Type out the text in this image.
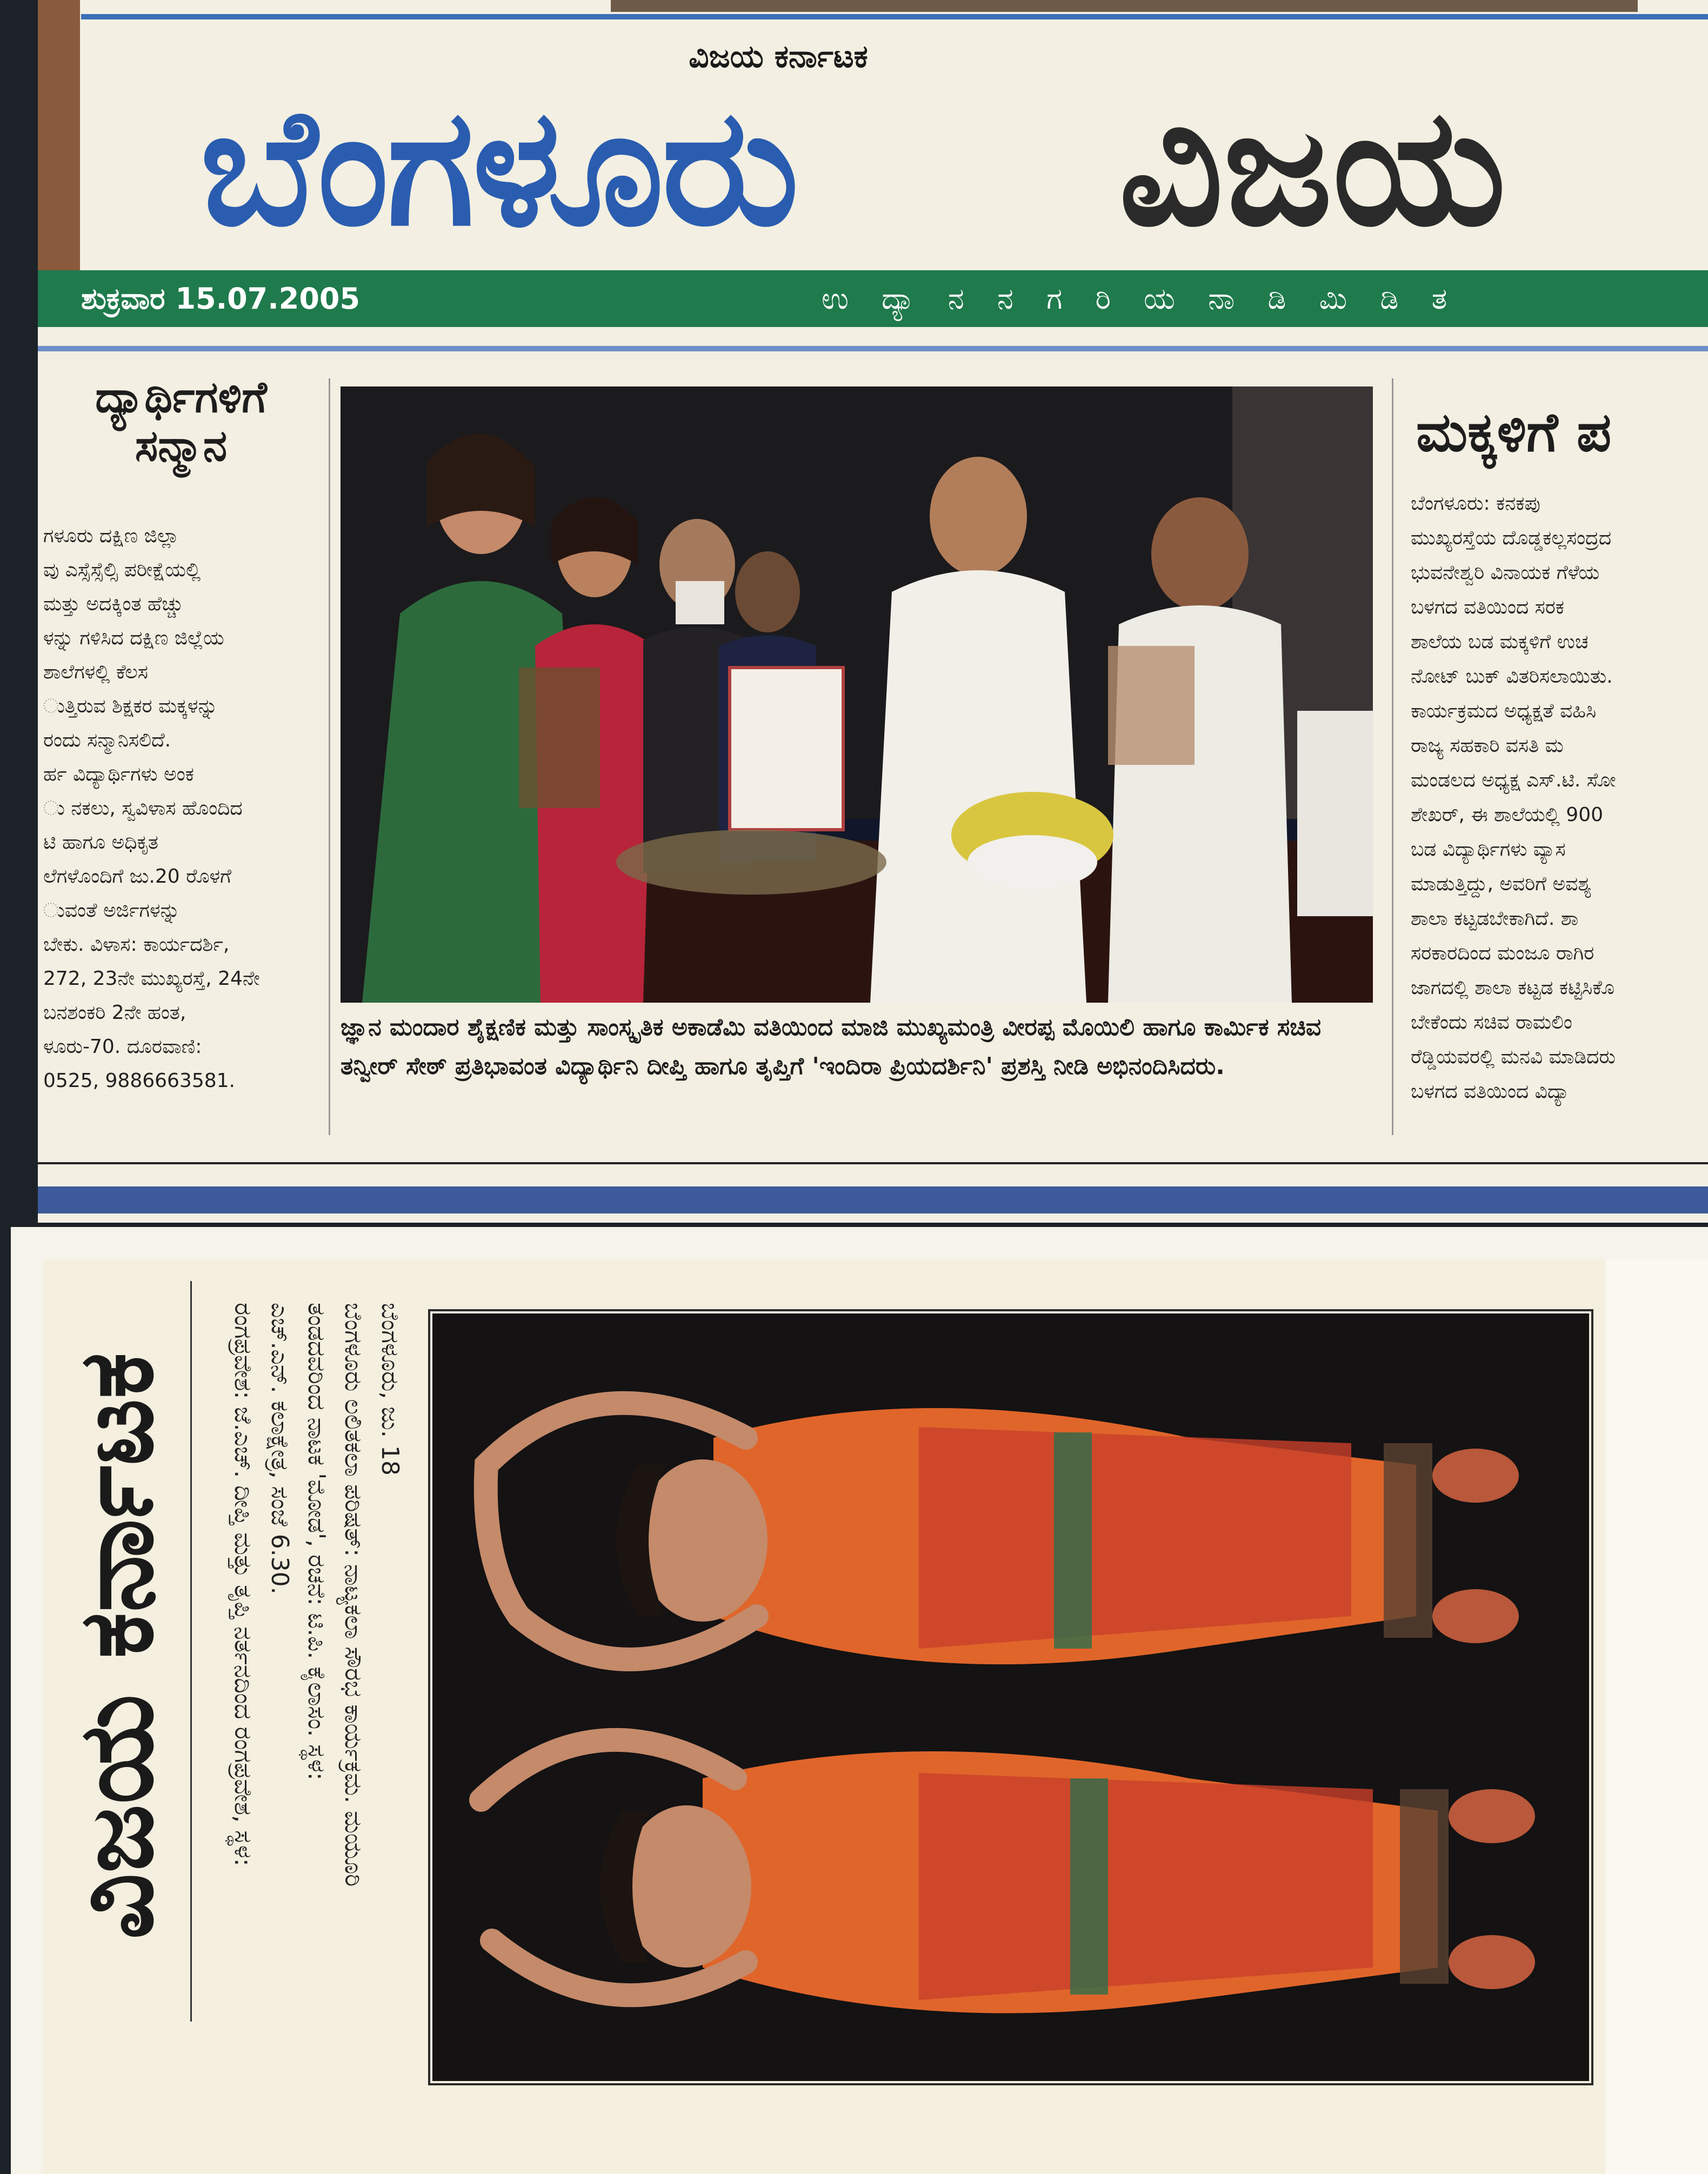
ವಿಜಯ ಕರ್ನಾಟಕ
ಬೆಂಗಳೂರು	ವಿಜಯ
ಶುಕ್ರವಾರ 15.07.2005	ಉ ದ್ಯಾ ನ ನ ಗ ರಿ ಯ ನಾ ಡಿ ಮಿ ಡಿ ತ
ದ್ಯಾರ್ಥಿಗಳಿಗೆ
ಸನ್ಮಾನ

ಗಳೂರು ದಕ್ಷಿಣ ಜಿಲ್ಲಾ

ವು ಎಸ್ಸೆಸ್ಸೆಲ್ಸಿ ಪರೀಕ್ಷೆಯಲ್ಲಿ

ಮತ್ತು ಅದಕ್ಕಿಂತ ಹೆಚ್ಚು

ಳನ್ನು ಗಳಿಸಿದ ದಕ್ಷಿಣ ಜಿಲ್ಲೆಯ

ಶಾಲೆಗಳಲ್ಲಿ ಕೆಲಸ

ುತ್ತಿರುವ ಶಿಕ್ಷಕರ ಮಕ್ಕಳನ್ನು

ರಂದು ಸನ್ಮಾನಿಸಲಿದೆ.

ರ್ಹ ವಿದ್ಯಾರ್ಥಿಗಳು ಅಂಕ

ು ನಕಲು, ಸ್ವವಿಳಾಸ ಹೊಂದಿದ

ಟಿ ಹಾಗೂ ಅಧಿಕೃತ

ಲೆಗಳೊಂದಿಗೆ ಜು.20 ರೊಳಗೆ

ುವಂತೆ ಅರ್ಜಿಗಳನ್ನು

ಬೇಕು. ವಿಳಾಸ: ಕಾರ್ಯದರ್ಶಿ,

272, 23ನೇ ಮುಖ್ಯರಸ್ತೆ, 24ನೇ

ಬನಶಂಕರಿ 2ನೇ ಹಂತ,

ಳೂರು-70. ದೂರವಾಣಿ:

0525, 9886663581.

ಜ್ಞಾನ ಮಂದಾರ ಶೈಕ್ಷಣಿಕ ಮತ್ತು ಸಾಂಸ್ಕೃತಿಕ ಅಕಾಡೆಮಿ ವತಿಯಿಂದ ಮಾಜಿ ಮುಖ್ಯಮಂತ್ರಿ ವೀರಪ್ಪ ಮೊಯಿಲಿ ಹಾಗೂ ಕಾರ್ಮಿಕ ಸಚಿವ ತನ್ವೀರ್ ಸೇಠ್ ಪ್ರತಿಭಾವಂತ ವಿದ್ಯಾರ್ಥಿನಿ ದೀಪ್ತಿ ಹಾಗೂ ತೃಪ್ತಿಗೆ 'ಇಂದಿರಾ ಪ್ರಿಯದರ್ಶಿನಿ' ಪ್ರಶಸ್ತಿ ನೀಡಿ ಅಭಿನಂದಿಸಿದರು.
ಮಕ್ಕಳಿಗೆ ಪ

ಬೆಂಗಳೂರು: ಕನಕಪು

ಮುಖ್ಯರಸ್ತೆಯ ದೊಡ್ಡಕಲ್ಲಸಂದ್ರದ

ಭುವನೇಶ್ವರಿ ವಿನಾಯಕ ಗೆಳೆಯ

ಬಳಗದ ವತಿಯಿಂದ ಸರಕ

ಶಾಲೆಯ ಬಡ ಮಕ್ಕಳಿಗೆ ಉಚ

ನೋಟ್ ಬುಕ್ ವಿತರಿಸಲಾಯಿತು.

ಕಾರ್ಯಕ್ರಮದ ಅಧ್ಯಕ್ಷತೆ ವಹಿಸಿ

ರಾಜ್ಯ ಸಹಕಾರಿ ವಸತಿ ಮ

ಮಂಡಲದ ಅಧ್ಯಕ್ಷ ಎಸ್.ಟಿ. ಸೋ

ಶೇಖರ್, ಈ ಶಾಲೆಯಲ್ಲಿ 900

ಬಡ ವಿದ್ಯಾರ್ಥಿಗಳು ವ್ಯಾಸ

ಮಾಡುತ್ತಿದ್ದು, ಅವರಿಗೆ ಅವಶ್ಯ

ಶಾಲಾ ಕಟ್ಟಡಬೇಕಾಗಿದೆ. ಶಾ

ಸರಕಾರದಿಂದ ಮಂಜೂ ರಾಗಿರ

ಜಾಗದಲ್ಲಿ ಶಾಲಾ ಕಟ್ಟಡ ಕಟ್ಟಿಸಿಕೊ

ಬೇಕೆಂದು ಸಚಿವ ರಾಮಲಿಂ

ರೆಡ್ಡಿಯವರಲ್ಲಿ ಮನವಿ ಮಾಡಿದರು

ಬಳಗದ ವತಿಯಿಂದ ವಿದ್ಯಾ

ವಿಜಯ ಕರ್ನಾಟಕ	ಬೆಂಗಳೂರು, ಜು. 18

ಬೆಂಗಳೂರು ಲಲಿತಕಲಾ ಪರಿಷತ್: ನಾಟ್ಯಕಲಾ ಸೌರಭ ಕಾರ್ಯಕ್ರಮ. ಮಯೂರಿ

ತಂಡದವರಿಂದ ನಾಟಕ 'ಮೋಡ', ರಚನೆ: ಟಿ.ಪಿ. ಕೈಲಾಸಂ. ಸ್ಥಳ:

ಎಚ್.ಎನ್. ಕಲಾಕ್ಷೇತ್ರ, ಸಂಜೆ 6.30.

ರಂಗಪ್ರವೇಶ: ಜೆ.ಎಚ್. ದೀಪ್ತಿ ಮತ್ತು ತೃಪ್ತಿ ನರ್ತನದಿಂದ ರಂಗಪ್ರವೇಶ, ಸ್ಥಳ:
